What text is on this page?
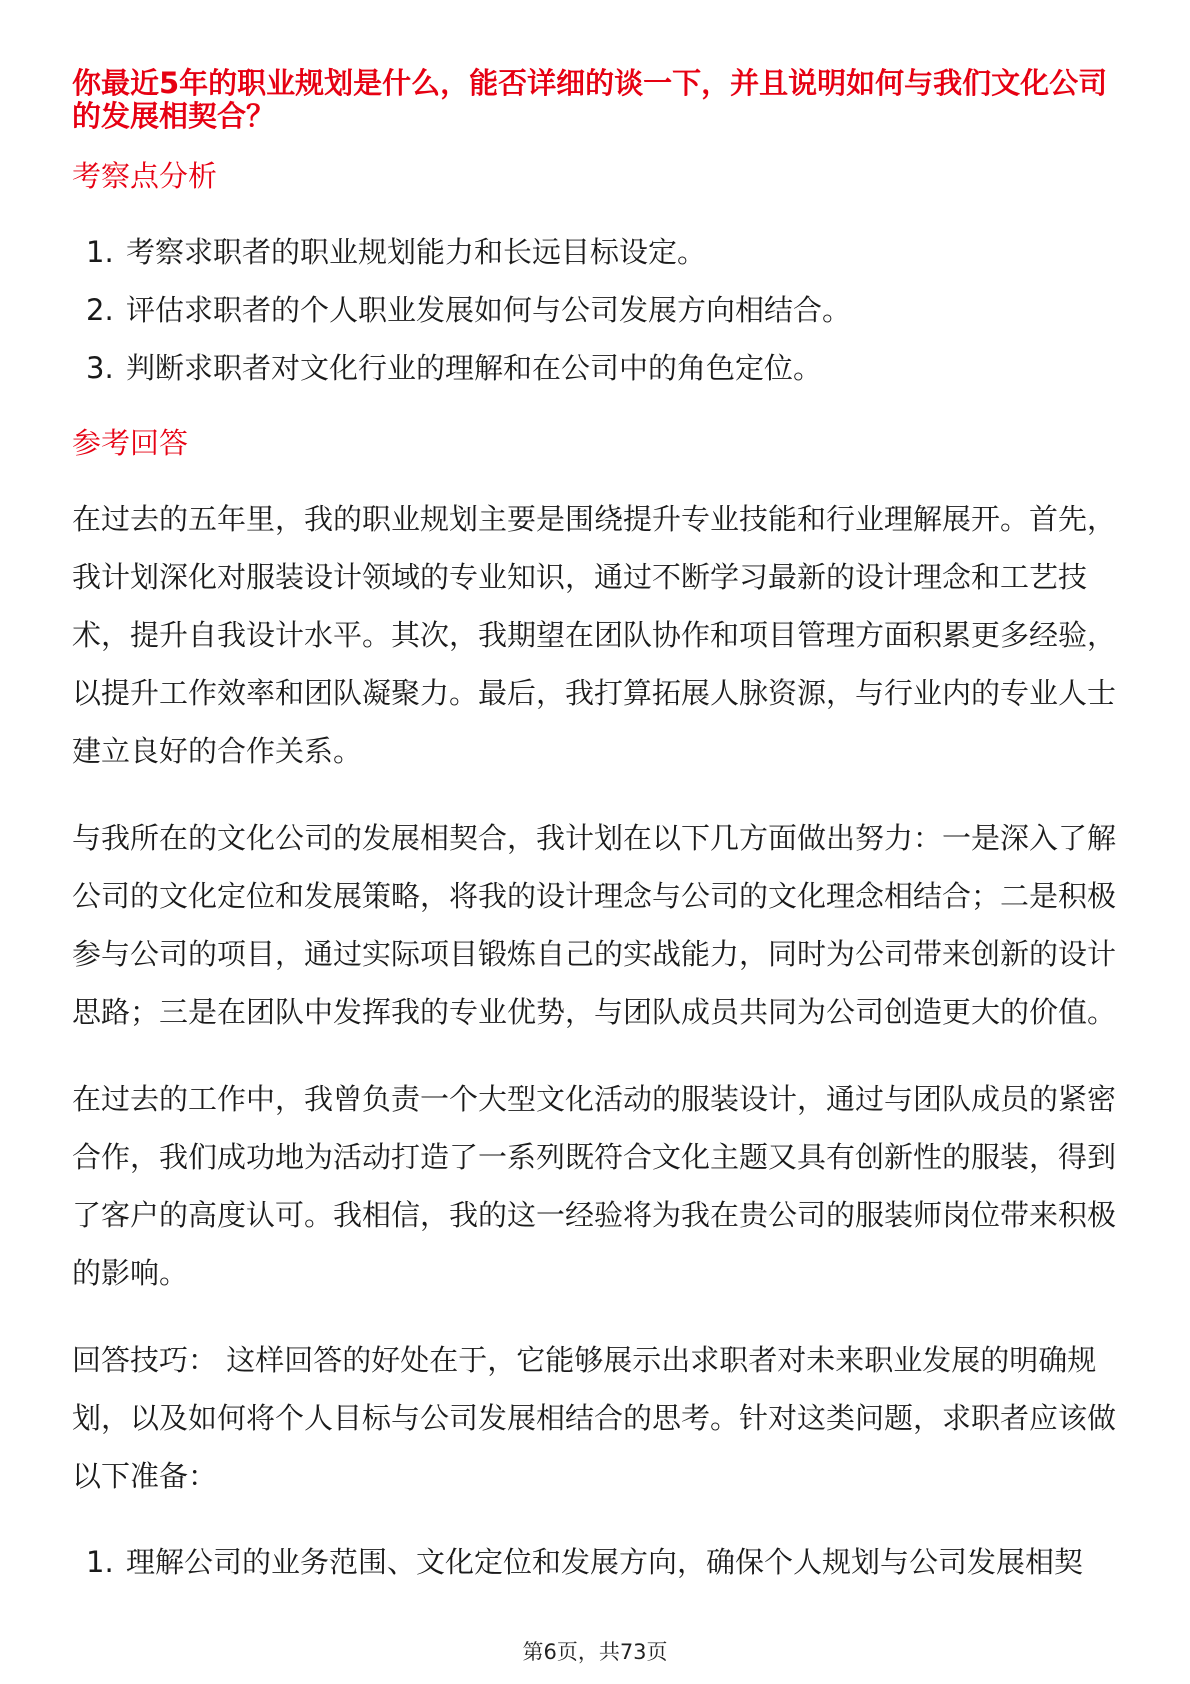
你最近5年的职业规划是什么，能否详细的谈一下，并且说明如何与我们文化公司的发展相契合？
考察点分析
1. 考察求职者的职业规划能力和长远目标设定。
2. 评估求职者的个人职业发展如何与公司发展方向相结合。
3. 判断求职者对文化行业的理解和在公司中的角色定位。
参考回答

在过去的五年里，我的职业规划主要是围绕提升专业技能和行业理解展开。首先，我计划深化对服装设计领域的专业知识，通过不断学习最新的设计理念和工艺技术，提升自我设计水平。其次，我期望在团队协作和项目管理方面积累更多经验，以提升工作效率和团队凝聚力。最后，我打算拓展人脉资源，与行业内的专业人士建立良好的合作关系。

与我所在的文化公司的发展相契合，我计划在以下几方面做出努力：一是深入了解公司的文化定位和发展策略，将我的设计理念与公司的文化理念相结合；二是积极参与公司的项目，通过实际项目锻炼自己的实战能力，同时为公司带来创新的设计思路；三是在团队中发挥我的专业优势，与团队成员共同为公司创造更大的价值。

在过去的工作中，我曾负责一个大型文化活动的服装设计，通过与团队成员的紧密合作，我们成功地为活动打造了一系列既符合文化主题又具有创新性的服装，得到了客户的高度认可。我相信，我的这一经验将为我在贵公司的服装师岗位带来积极的影响。

回答技巧： 这样回答的好处在于，它能够展示出求职者对未来职业发展的明确规划，以及如何将个人目标与公司发展相结合的思考。针对这类问题，求职者应该做以下准备：

1. 理解公司的业务范围、文化定位和发展方向，确保个人规划与公司发展相契
第6页，共73页
